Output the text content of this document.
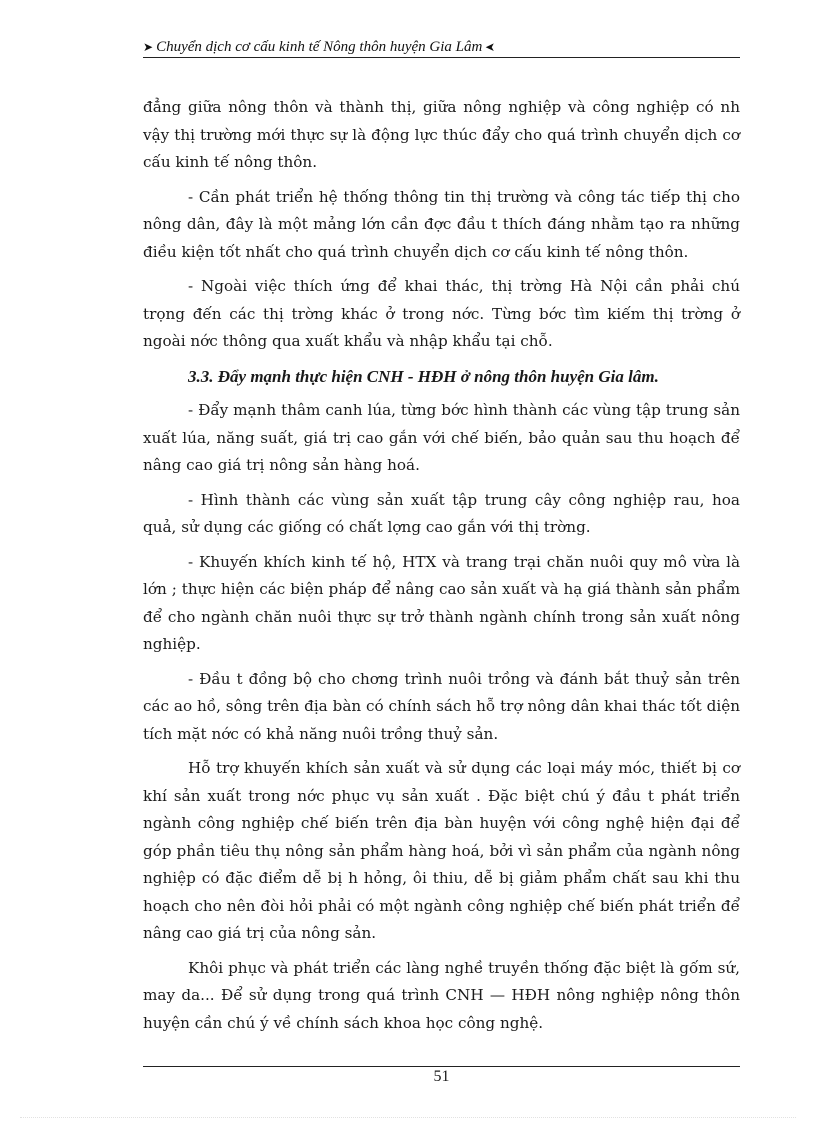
➤ Chuyển dịch cơ cấu kinh tế Nông thôn huyện Gia Lâm ➤

đẳng giữa nông thôn và thành thị, giữa nông nghiệp và công nghiệp có nh vậy thị trường mới thực sự là động lực thúc đẩy cho quá trình chuyển dịch cơ cấu kinh tế nông thôn.

- Cần phát triển hệ thống thông tin thị trường và công tác tiếp thị cho nông dân, đây là một mảng lớn cần đợc đầu t thích đáng nhằm tạo ra những điều kiện tốt nhất cho quá trình chuyển dịch cơ cấu kinh tế nông thôn.

- Ngoài việc thích ứng để khai thác, thị trờng Hà Nội cần phải chú trọng đến các thị trờng khác ở trong nớc. Từng bớc tìm kiếm thị trờng ở ngoài nớc thông qua xuất khẩu và nhập khẩu tại chỗ.

3.3. Đẩy mạnh thực hiện CNH - HĐH ở nông thôn huyện Gia lâm.

- Đẩy mạnh thâm canh lúa, từng bớc hình thành các vùng tập trung sản xuất lúa, năng suất, giá trị cao gắn với chế biến, bảo quản sau thu hoạch để nâng cao giá trị nông sản hàng hoá.

- Hình thành các vùng sản xuất tập trung cây công nghiệp rau, hoa quả, sử dụng các giống có chất lợng cao gắn với thị trờng.

- Khuyến khích kinh tế hộ, HTX và trang trại chăn nuôi quy mô vừa là lớn ; thực hiện các biện pháp để nâng cao sản xuất và hạ giá thành sản phẩm để cho ngành chăn nuôi thực sự trở thành ngành chính trong sản xuất nông nghiệp.

- Đầu t đồng bộ cho chơng trình nuôi trồng và đánh bắt thuỷ sản trên các ao hồ, sông trên địa bàn có chính sách hỗ trợ nông dân khai thác tốt diện tích mặt nớc có khả năng nuôi trồng thuỷ sản.

Hỗ trợ khuyến khích sản xuất và sử dụng các loại máy móc, thiết bị cơ khí sản xuất trong nớc phục vụ sản xuất . Đặc biệt chú ý đầu t phát triển ngành công nghiệp chế biến trên địa bàn huyện với công nghệ hiện đại để góp phần tiêu thụ nông sản phẩm hàng hoá, bởi vì sản phẩm của ngành nông nghiệp có đặc điểm dễ bị h hỏng, ôi thiu, dễ bị giảm phẩm chất sau khi thu hoạch cho nên đòi hỏi phải có một ngành công nghiệp chế biến phát triển để nâng cao giá trị của nông sản.

Khôi phục và phát triển các làng nghề truyền thống đặc biệt là gốm sứ, may da... Để sử dụng trong quá trình CNH — HĐH nông nghiệp nông thôn huyện cần chú ý về chính sách khoa học công nghệ.

51
